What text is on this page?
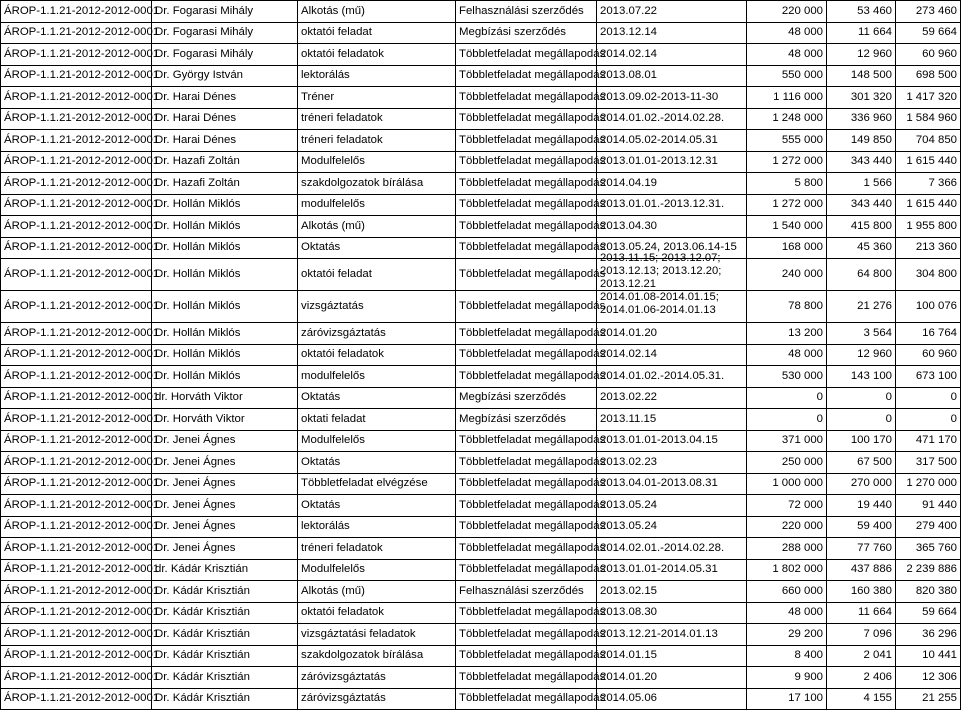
ÁROP-1.1.21-2012-2012-0001	Dr. Fogarasi Mihály	Alkotás (mű)	Felhasználási szerződés	2013.07.22	220 000	53 460	273 460
ÁROP-1.1.21-2012-2012-0001	Dr. Fogarasi Mihály	oktatói feladat	Megbízási szerződés	2013.12.14	48 000	11 664	59 664
ÁROP-1.1.21-2012-2012-0001	Dr. Fogarasi Mihály	oktatói feladatok	Többletfeladat megállapodás	2014.02.14	48 000	12 960	60 960
ÁROP-1.1.21-2012-2012-0001	Dr. György István	lektorálás	Többletfeladat megállapodás	2013.08.01	550 000	148 500	698 500
ÁROP-1.1.21-2012-2012-0001	Dr. Harai Dénes	Tréner	Többletfeladat megállapodás	2013.09.02-2013-11-30	1 116 000	301 320	1 417 320
ÁROP-1.1.21-2012-2012-0001	Dr. Harai Dénes	tréneri feladatok	Többletfeladat megállapodás	2014.01.02.-2014.02.28.	1 248 000	336 960	1 584 960
ÁROP-1.1.21-2012-2012-0001	Dr. Harai Dénes	tréneri feladatok	Többletfeladat megállapodás	2014.05.02-2014.05.31	555 000	149 850	704 850
ÁROP-1.1.21-2012-2012-0001	Dr. Hazafi Zoltán	Modulfelelős	Többletfeladat megállapodás	2013.01.01-2013.12.31	1 272 000	343 440	1 615 440
ÁROP-1.1.21-2012-2012-0001	Dr. Hazafi Zoltán	szakdolgozatok bírálása	Többletfeladat megállapodás	2014.04.19	5 800	1 566	7 366
ÁROP-1.1.21-2012-2012-0001	Dr. Hollán Miklós	modulfelelős	Többletfeladat megállapodás	2013.01.01.-2013.12.31.	1 272 000	343 440	1 615 440
ÁROP-1.1.21-2012-2012-0001	Dr. Hollán Miklós	Alkotás (mű)	Többletfeladat megállapodás	2013.04.30	1 540 000	415 800	1 955 800
ÁROP-1.1.21-2012-2012-0001	Dr. Hollán Miklós	Oktatás	Többletfeladat megállapodás	2013.05.24, 2013.06.14-15	168 000	45 360	213 360
ÁROP-1.1.21-2012-2012-0001	Dr. Hollán Miklós	oktatói feladat	Többletfeladat megállapodás	2013.11.15; 2013.12.07;
2013.12.13; 2013.12.20;
2013.12.21	240 000	64 800	304 800
ÁROP-1.1.21-2012-2012-0001	Dr. Hollán Miklós	vizsgáztatás	Többletfeladat megállapodás	2014.01.08-2014.01.15;
2014.01.06-2014.01.13	78 800	21 276	100 076
ÁROP-1.1.21-2012-2012-0001	Dr. Hollán Miklós	záróvizsgáztatás	Többletfeladat megállapodás	2014.01.20	13 200	3 564	16 764
ÁROP-1.1.21-2012-2012-0001	Dr. Hollán Miklós	oktatói feladatok	Többletfeladat megállapodás	2014.02.14	48 000	12 960	60 960
ÁROP-1.1.21-2012-2012-0001	Dr. Hollán Miklós	modulfelelős	Többletfeladat megállapodás	2014.01.02.-2014.05.31.	530 000	143 100	673 100
ÁROP-1.1.21-2012-2012-0001	dr. Horváth Viktor	Oktatás	Megbízási szerződés	2013.02.22	0	0	0
ÁROP-1.1.21-2012-2012-0001	Dr. Horváth Viktor	oktati feladat	Megbízási szerződés	2013.11.15	0	0	0
ÁROP-1.1.21-2012-2012-0001	Dr. Jenei Ágnes	Modulfelelős	Többletfeladat megállapodás	2013.01.01-2013.04.15	371 000	100 170	471 170
ÁROP-1.1.21-2012-2012-0001	Dr. Jenei Ágnes	Oktatás	Többletfeladat megállapodás	2013.02.23	250 000	67 500	317 500
ÁROP-1.1.21-2012-2012-0001	Dr. Jenei Ágnes	Többletfeladat elvégzése	Többletfeladat megállapodás	2013.04.01-2013.08.31	1 000 000	270 000	1 270 000
ÁROP-1.1.21-2012-2012-0001	Dr. Jenei Ágnes	Oktatás	Többletfeladat megállapodás	2013.05.24	72 000	19 440	91 440
ÁROP-1.1.21-2012-2012-0001	Dr. Jenei Ágnes	lektorálás	Többletfeladat megállapodás	2013.05.24	220 000	59 400	279 400
ÁROP-1.1.21-2012-2012-0001	Dr. Jenei Ágnes	tréneri feladatok	Többletfeladat megállapodás	2014.02.01.-2014.02.28.	288 000	77 760	365 760
ÁROP-1.1.21-2012-2012-0001	dr. Kádár Krisztián	Modulfelelős	Többletfeladat megállapodás	2013.01.01-2014.05.31	1 802 000	437 886	2 239 886
ÁROP-1.1.21-2012-2012-0001	Dr. Kádár Krisztián	Alkotás (mű)	Felhasználási szerződés	2013.02.15	660 000	160 380	820 380
ÁROP-1.1.21-2012-2012-0001	Dr. Kádár Krisztián	oktatói feladatok	Többletfeladat megállapodás	2013.08.30	48 000	11 664	59 664
ÁROP-1.1.21-2012-2012-0001	Dr. Kádár Krisztián	vizsgáztatási feladatok	Többletfeladat megállapodás	2013.12.21-2014.01.13	29 200	7 096	36 296
ÁROP-1.1.21-2012-2012-0001	Dr. Kádár Krisztián	szakdolgozatok bírálása	Többletfeladat megállapodás	2014.01.15	8 400	2 041	10 441
ÁROP-1.1.21-2012-2012-0001	Dr. Kádár Krisztián	záróvizsgáztatás	Többletfeladat megállapodás	2014.01.20	9 900	2 406	12 306
ÁROP-1.1.21-2012-2012-0001	Dr. Kádár Krisztián	záróvizsgáztatás	Többletfeladat megállapodás	2014.05.06	17 100	4 155	21 255
